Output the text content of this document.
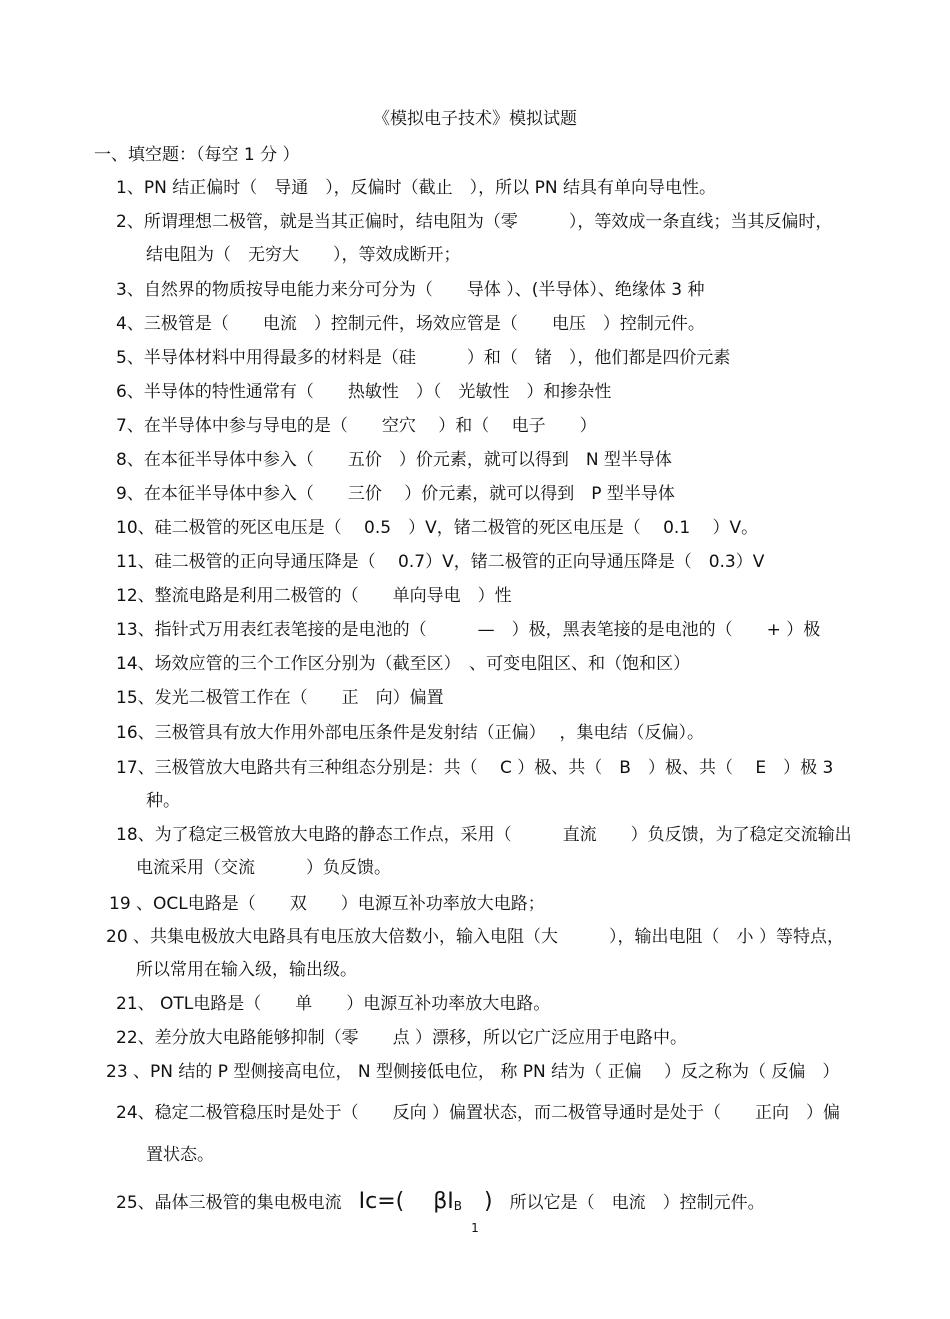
《模拟电子技术》模拟试题
一、填空题：（每空 1 分 ）
1、PN 结正偏时（　导通　），反偏时（截止　），所以 PN 结具有单向导电性。
2、所谓理想二极管，就是当其正偏时，结电阻为（零　　　），等效成一条直线；当其反偏时，
结电阻为（　无穷大　　），等效成断开；
3、自然界的物质按导电能力来分可分为（　　导体 ）、(半导体）、绝缘体 3 种
4、三极管是（　　电流　）控制元件，场效应管是（　　电压　）控制元件。
5、半导体材料中用得最多的材料是（硅　　　）和（　锗　），他们都是四价元素
6、半导体的特性通常有（　　热敏性　）（　光敏性　）和掺杂性
7、在半导体中参与导电的是（　　空穴　 ）和（　 电子　　）
8、在本征半导体中参入（　　五价　）价元素，就可以得到　N 型半导体
9、在本征半导体中参入（　　三价　 ）价元素，就可以得到　P 型半导体
10、硅二极管的死区电压是（　 0.5　）V，锗二极管的死区电压是（　 0.1　 ）V。
11、硅二极管的正向导通压降是（　 0.7）V，锗二极管的正向导通压降是（　0.3）V
12、整流电路是利用二极管的（　　单向导电　）性
13、指针式万用表红表笔接的是电池的（　　　—　）极，黑表笔接的是电池的（　　+ ）极
14、场效应管的三个工作区分别为（截至区）　、可变电阻区、和（饱和区）
15、发光二极管工作在（　　正　向）偏置
16、三极管具有放大作用外部电压条件是发射结（正偏）　 ，集电结（反偏）。
17、三极管放大电路共有三种组态分别是：共（　 C ）极、共（　B　）极、共（　 E　）极 3
种。
18、为了稳定三极管放大电路的静态工作点，采用（　　　直流　　）负反馈，为了稳定交流输出
电流采用（交流　　　）负反馈。
19 、OCL电路是（　　双　　）电源互补功率放大电路；
20 、共集电极放大电路具有电压放大倍数小，输入电阻（大　　　），输出电阻（　小 ）等特点，
所以常用在输入级，输出级。
21、 OTL电路是（　　单　　）电源互补功率放大电路。
22、差分放大电路能够抑制（零　　点 ）漂移，所以它广泛应用于电路中。
23 、PN 结的 P 型侧接高电位， N 型侧接低电位， 称 PN 结为（ 正偏　 ）反之称为（ 反偏　）
24、稳定二极管稳压时是处于（　　反向 ）偏置状态，而二极管导通时是处于（　　正向　）偏
置状态。
25、晶体三极管的集电极电流　Ic=(　 βIB　)　所以它是（　电流　）控制元件。
1
